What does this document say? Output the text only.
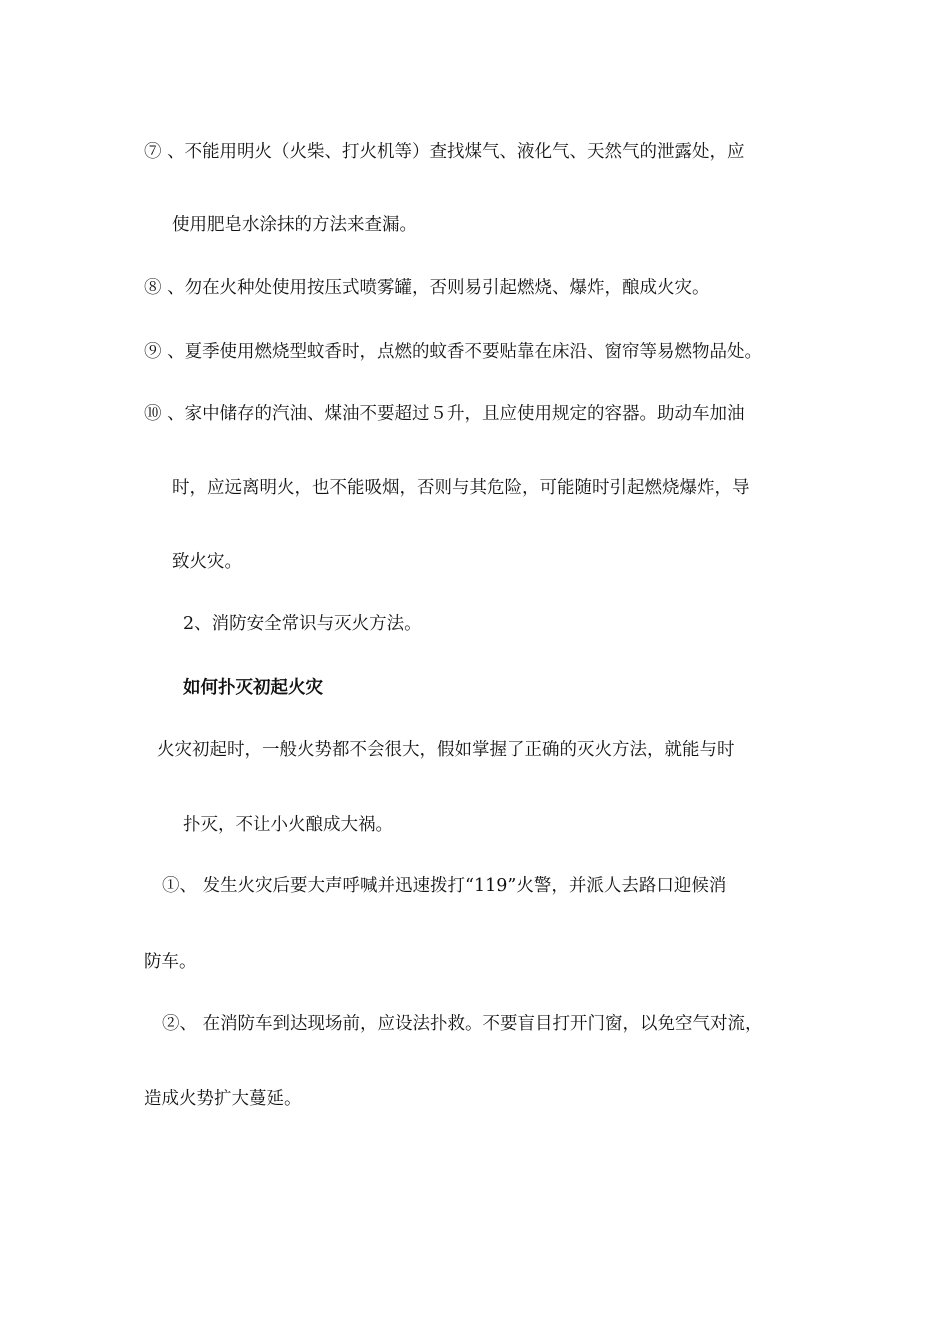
⑦ 、不能用明火（火柴、打火机等）查找煤气、液化气、天然气的泄露处，应
使用肥皂水涂抹的方法来查漏。
⑧ 、勿在火种处使用按压式喷雾罐，否则易引起燃烧、爆炸，酿成火灾。
⑨ 、夏季使用燃烧型蚊香时，点燃的蚊香不要贴靠在床沿、窗帘等易燃物品处。
⑩ 、家中储存的汽油、煤油不要超过５升，且应使用规定的容器。助动车加油
时，应远离明火，也不能吸烟，否则与其危险，可能随时引起燃烧爆炸，导
致火灾。
2、消防安全常识与灭火方法。
如何扑灭初起火灾
火灾初起时，一般火势都不会很大，假如掌握了正确的灭火方法，就能与时
扑灭，不让小火酿成大祸。
①、 发生火灾后要大声呼喊并迅速拨打“119”火警，并派人去路口迎候消
防车。
②、 在消防车到达现场前，应设法扑救。不要盲目打开门窗，以免空气对流，
造成火势扩大蔓延。
